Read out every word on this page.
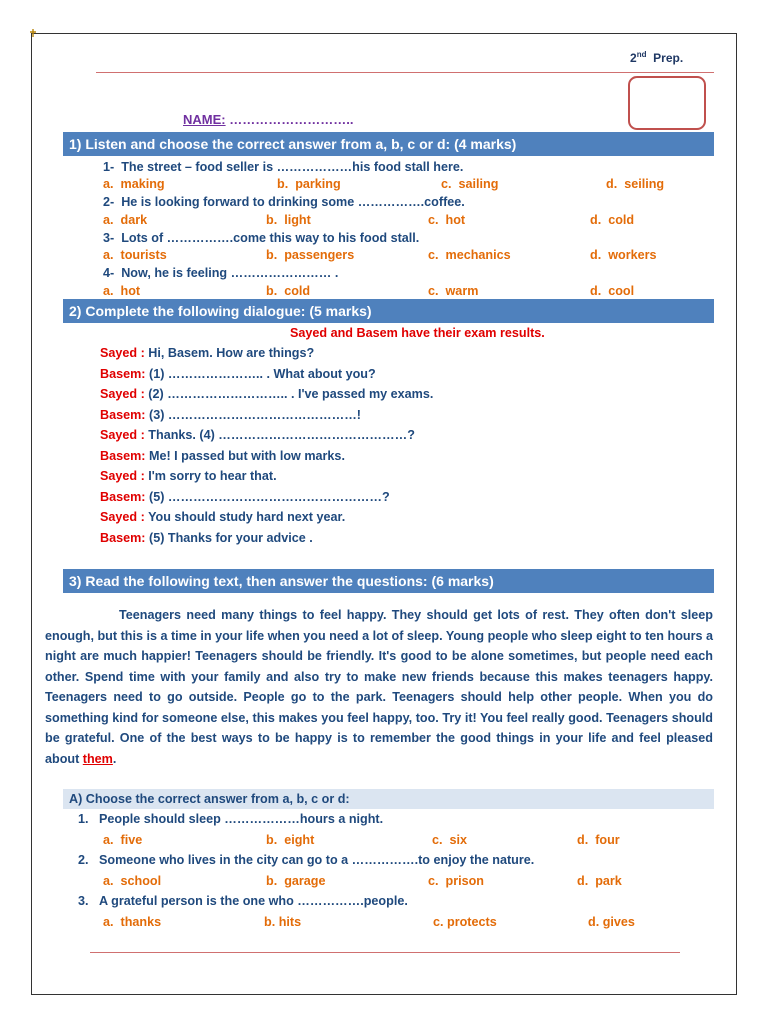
2nd Prep.
NAME: ………………………..
1) Listen and choose the correct answer from a, b, c or d: (4 marks)
1- The street – food seller is ………………his food stall here.
a. making	b. parking	c. sailing	d. seiling
2- He is looking forward to drinking some …………….coffee.
a. dark	b. light	c. hot	d. cold
3- Lots of …………….come this way to his food stall.
a. tourists	b. passengers	c. mechanics	d. workers
4- Now, he is feeling …………………… .
a. hot	b. cold	c. warm	d. cool
2) Complete the following dialogue: (5 marks)
Sayed and Basem have their exam results.
Sayed : Hi, Basem. How are things?
Basem: (1) ………………….. . What about you?
Sayed : (2) ……………………….. . I've passed my exams.
Basem: (3) ………………………………………!
Sayed : Thanks. (4) ………………………………………?
Basem: Me! I passed but with low marks.
Sayed : I'm sorry to hear that.
Basem: (5) ……………………………………………?
Sayed : You should study hard next year.
Basem: (5) Thanks for your advice .
3) Read the following text, then answer the questions: (6 marks)
Teenagers need many things to feel happy. They should get lots of rest. They often don't sleep enough, but this is a time in your life when you need a lot of sleep. Young people who sleep eight to ten hours a night are much happier! Teenagers should be friendly. It's good to be alone sometimes, but people need each other. Spend time with your family and also try to make new friends because this makes teenagers happy. Teenagers need to go outside. People go to the park. Teenagers should help other people. When you do something kind for someone else, this makes you feel happy, too. Try it! You feel really good. Teenagers should be grateful. One of the best ways to be happy is to remember the good things in your life and feel pleased about them.
A) Choose the correct answer from a, b, c or d:
1. People should sleep ………………hours a night.
a. five	b. eight	c. six	d. four
2. Someone who lives in the city can go to a …………….to enjoy the nature.
a. school	b. garage	c. prison	d. park
3. A grateful person is the one who …………….people.
a. thanks	b. hits	c. protects	d. gives
